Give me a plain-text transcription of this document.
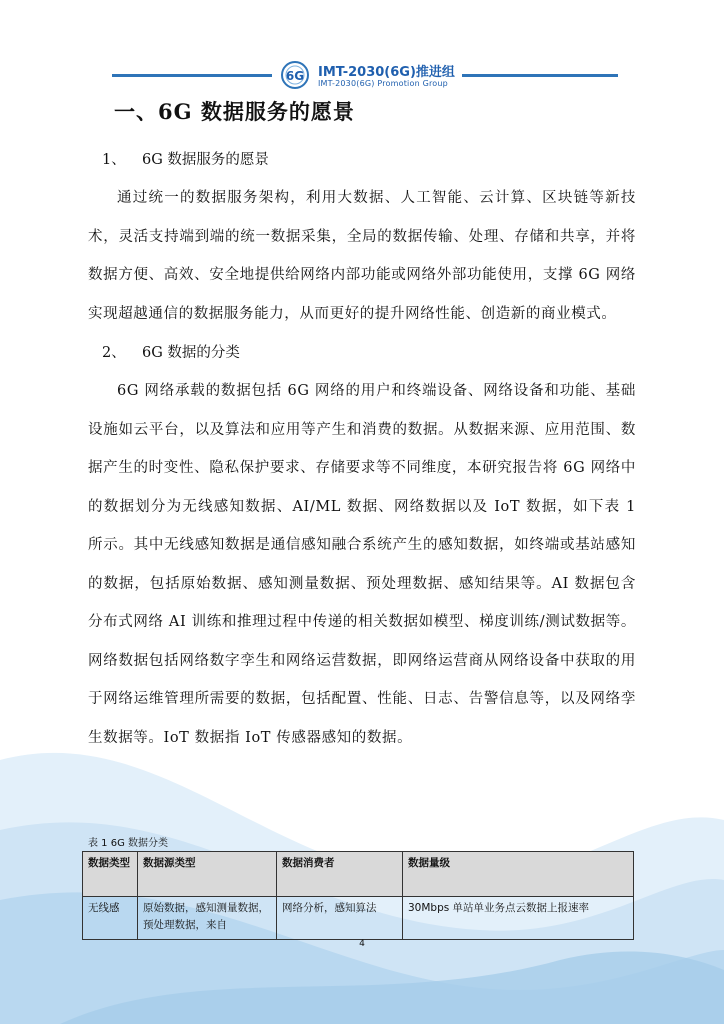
6G IMT-2030(6G)推进组
IMT-2030(6G) Promotion Group
一、6G 数据服务的愿景
1、 6G 数据服务的愿景

通过统一的数据服务架构，利用大数据、人工智能、云计算、区块链等新技术，灵活支持端到端的统一数据采集，全局的数据传输、处理、存储和共享，并将数据方便、高效、安全地提供给网络内部功能或网络外部功能使用，支撑 6G 网络实现超越通信的数据服务能力，从而更好的提升网络性能、创造新的商业模式。

2、 6G 数据的分类

6G 网络承载的数据包括 6G 网络的用户和终端设备、网络设备和功能、基础设施如云平台，以及算法和应用等产生和消费的数据。从数据来源、应用范围、数据产生的时变性、隐私保护要求、存储要求等不同维度，本研究报告将 6G 网络中的数据划分为无线感知数据、AI/ML 数据、网络数据以及 IoT 数据，如下表 1 所示。其中无线感知数据是通信感知融合系统产生的感知数据，如终端或基站感知的数据，包括原始数据、感知测量数据、预处理数据、感知结果等。AI 数据包含分布式网络 AI 训练和推理过程中传递的相关数据如模型、梯度训练/测试数据等。网络数据包括网络数字孪生和网络运营数据，即网络运营商从网络设备中获取的用于网络运维管理所需要的数据，包括配置、性能、日志、告警信息等，以及网络孪生数据等。IoT 数据指 IoT 传感器感知的数据。

表 1 6G 数据分类
数据类型	数据源类型	数据消费者	数据量级
无线感	原始数据，感知测量数据，预处理数据，来自	网络分析，感知算法	30Mbps 单站单业务点云数据上报速率
4
